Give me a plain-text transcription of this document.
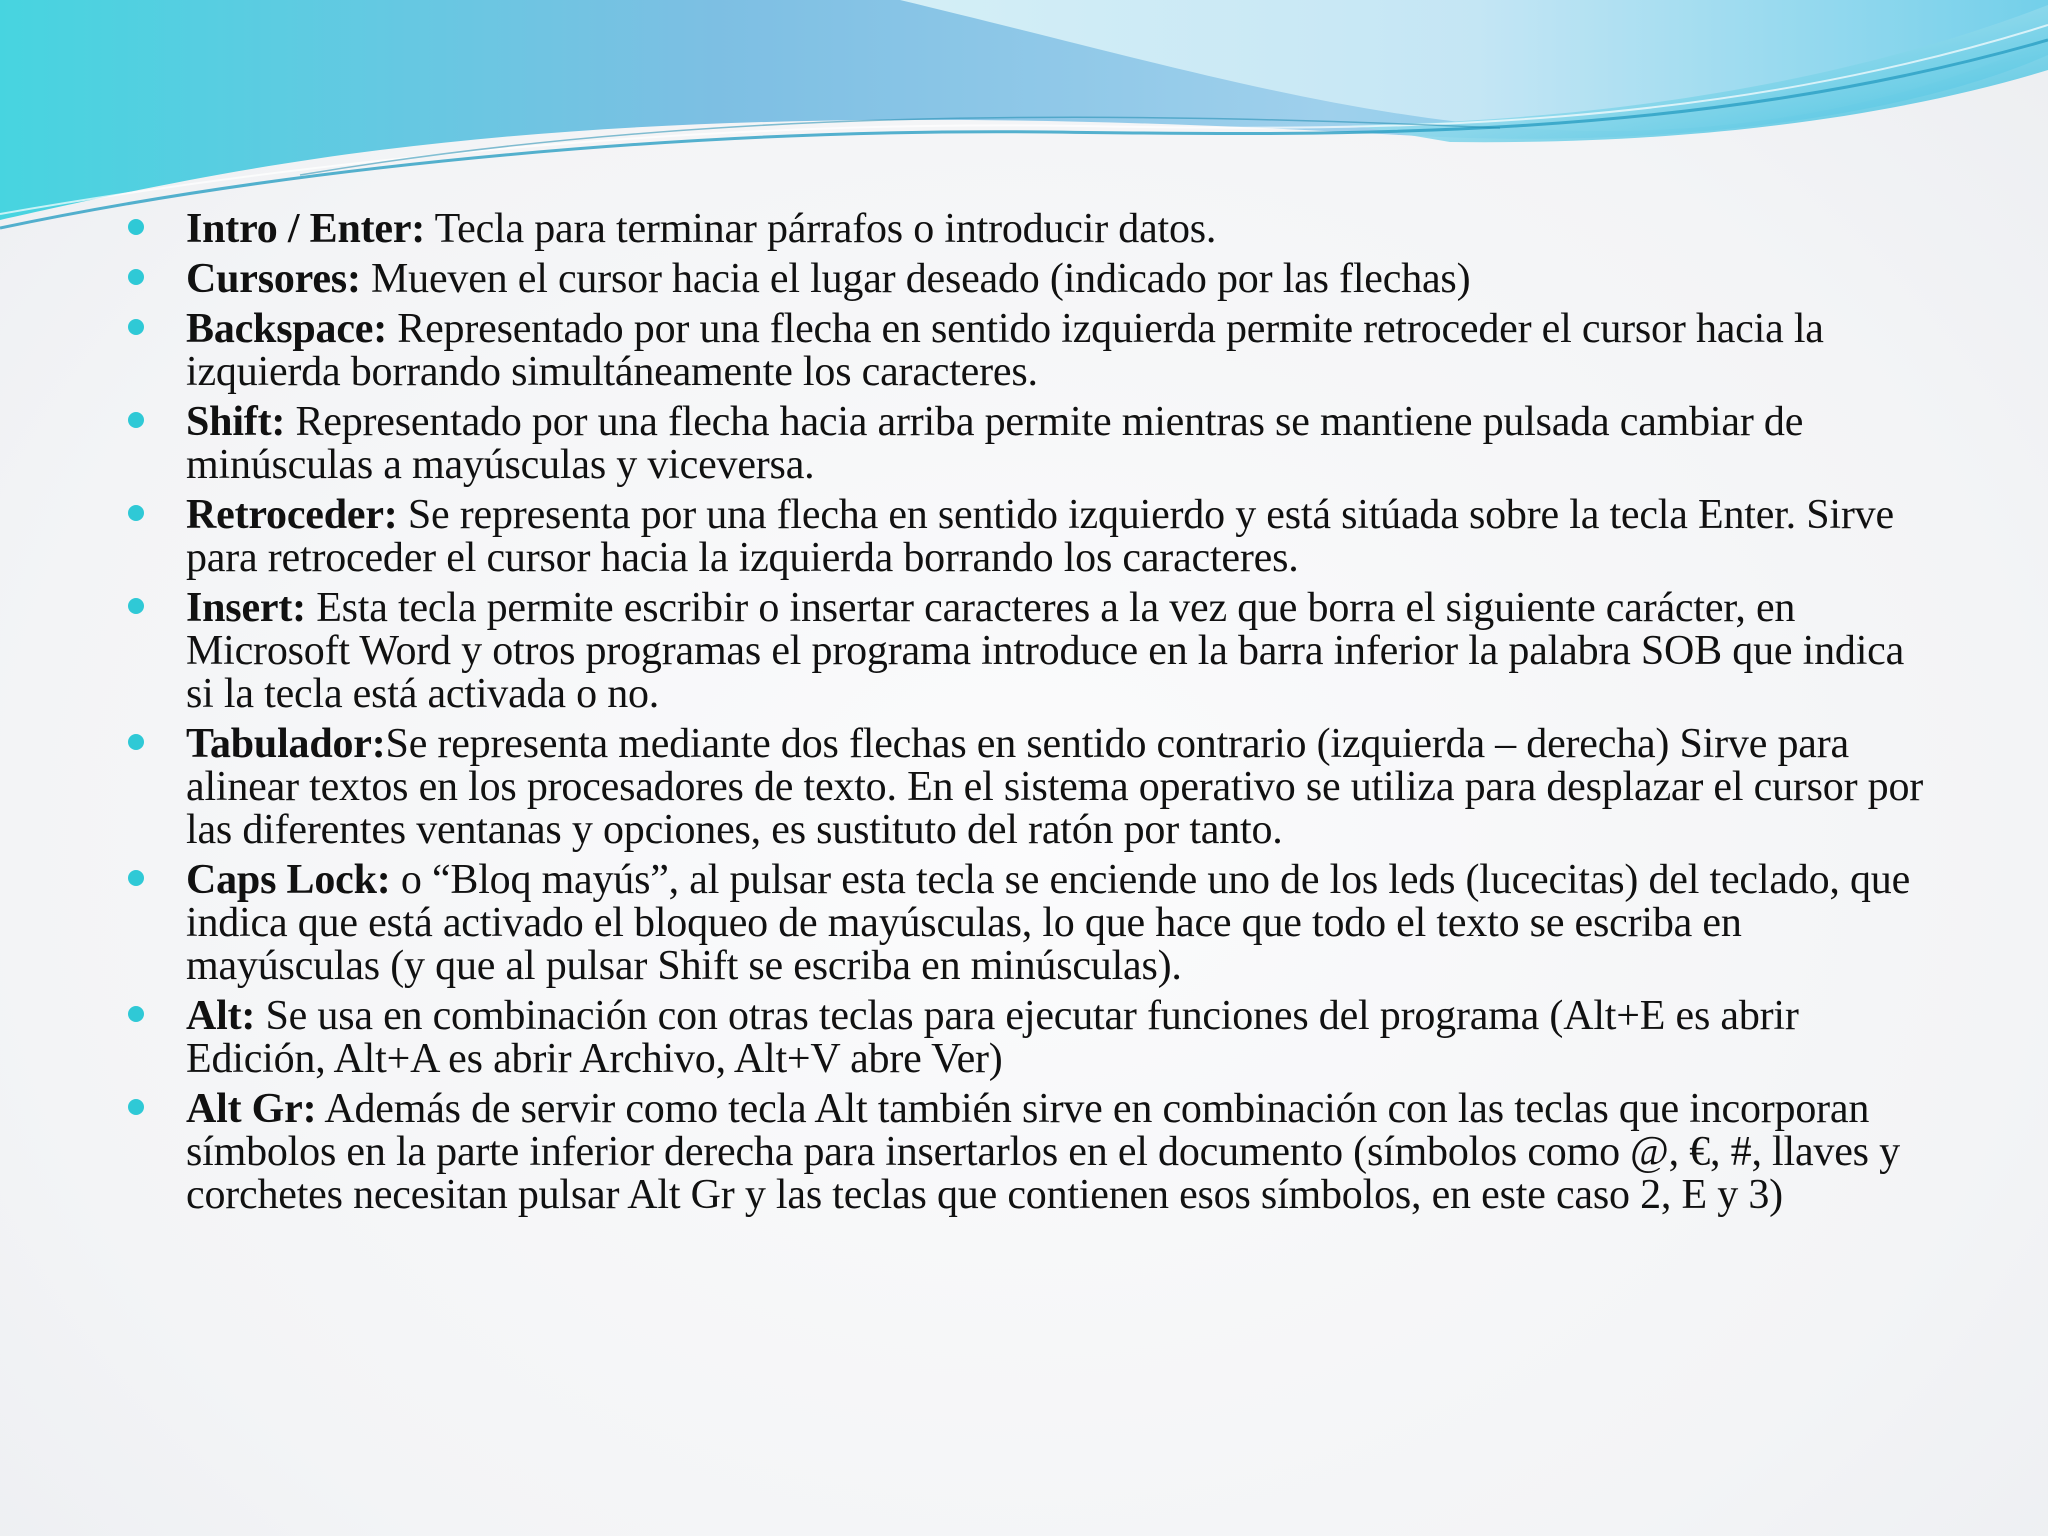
Intro / Enter: Tecla para terminar párrafos o introducir datos.
Cursores: Mueven el cursor hacia el lugar deseado (indicado por las flechas)
Backspace: Representado por una flecha en sentido izquierda permite retroceder el cursor hacia la izquierda borrando simultáneamente los caracteres.
Shift: Representado por una flecha hacia arriba permite mientras se mantiene pulsada cambiar de minúsculas a mayúsculas y viceversa.
Retroceder: Se representa por una flecha en sentido izquierdo y está sitúada sobre la tecla Enter. Sirve para retroceder el cursor hacia la izquierda borrando los caracteres.
Insert: Esta tecla permite escribir o insertar caracteres a la vez que borra el siguiente carácter, en Microsoft Word y otros programas el programa introduce en la barra inferior la palabra SOB que indica si la tecla está activada o no.
Tabulador:Se representa mediante dos flechas en sentido contrario (izquierda – derecha) Sirve para alinear textos en los procesadores de texto. En el sistema operativo se utiliza para desplazar el cursor por las diferentes ventanas y opciones, es sustituto del ratón por tanto.
Caps Lock: o “Bloq mayús”, al pulsar esta tecla se enciende uno de los leds (lucecitas) del teclado, que indica que está activado el bloqueo de mayúsculas, lo que hace que todo el texto se escriba en mayúsculas (y que al pulsar Shift se escriba en minúsculas).
Alt: Se usa en combinación con otras teclas para ejecutar funciones del programa (Alt+E es abrir Edición, Alt+A es abrir Archivo, Alt+V abre Ver)
Alt Gr: Además de servir como tecla Alt también sirve en combinación con las teclas que incorporan símbolos en la parte inferior derecha para insertarlos en el documento (símbolos como @, €, #, llaves y corchetes necesitan pulsar Alt Gr y las teclas que contienen esos símbolos, en este caso 2, E y 3)
